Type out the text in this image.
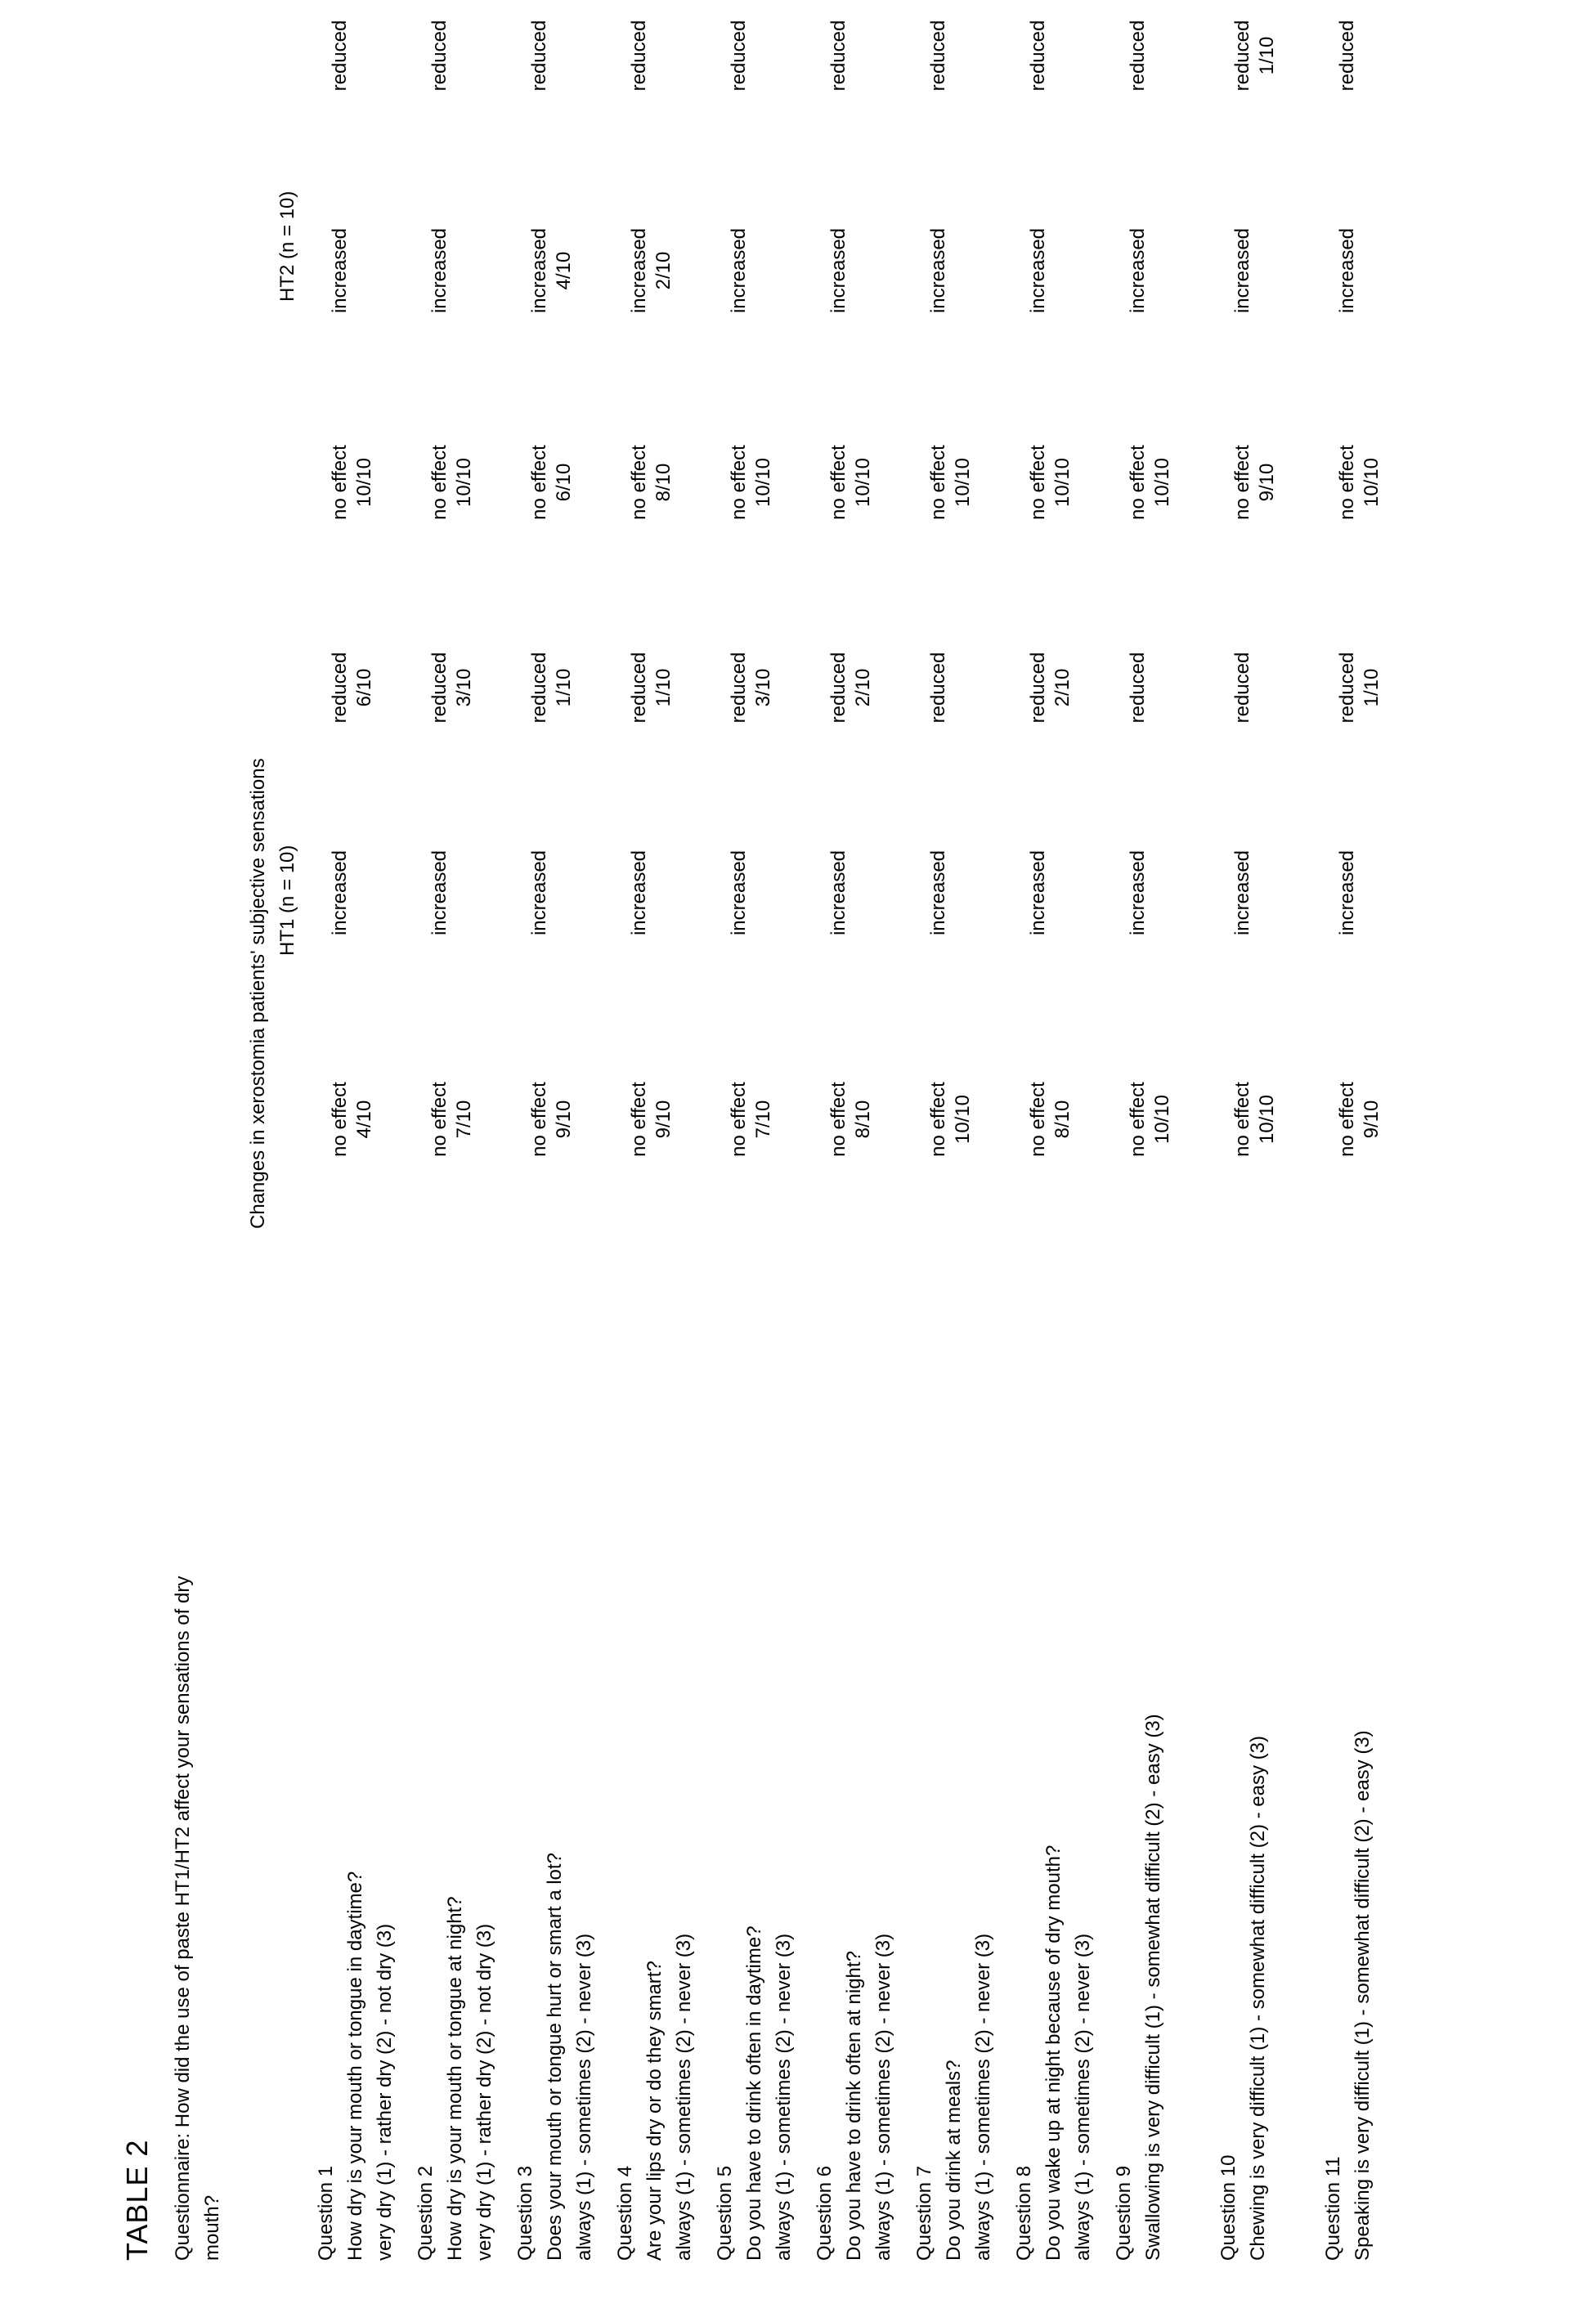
TABLE 2 Questionnaire: How did the use of paste HT1/HT2 affect your sensations of dry mouth?
Changes in xerostomia patients' subjective sensations HT1 (n = 10)
HT2 (n = 10)
Question 1 How dry is your mouth or tongue in daytime? very dry (1) - rather dry (2) - not dry (3)
no effect 4/10
increased
reduced 6/10
no effect 10/10
increased
reduced
Question 2 How dry is your mouth or tongue at night? very dry (1) - rather dry (2) - not dry (3)
no effect 7/10
increased
reduced 3/10
no effect 10/10
increased
reduced
Question 3 Does your mouth or tongue hurt or smart a lot? always (1) - sometimes (2) - never (3)
no effect 9/10
increased
reduced 1/10
no effect 6/10
increased 4/10
reduced
Question 4 Are your lips dry or do they smart? always (1) - sometimes (2) - never (3)
no effect 9/10
increased
reduced 1/10
no effect 8/10
increased 2/10
reduced
Question 5 Do you have to drink often in daytime? always (1) - sometimes (2) - never (3)
no effect 7/10
increased
reduced 3/10
no effect 10/10
increased
reduced
Question 6 Do you have to drink often at night? always (1) - sometimes (2) - never (3)
no effect 8/10
increased
reduced 2/10
no effect 10/10
increased
reduced
Question 7 Do you drink at meals? always (1) - sometimes (2) - never (3)
no effect 10/10
increased
reduced
no effect 10/10
increased
reduced
Question 8 Do you wake up at night because of dry mouth? always (1) - sometimes (2) - never (3)
no effect 8/10
increased
reduced 2/10
no effect 10/10
increased
reduced
Question 9 Swallowing is very difficult (1) - somewhat difficult (2) - easy (3)
no effect 10/10
increased
reduced
no effect 10/10
increased
reduced
Question 10 Chewing is very difficult (1) - somewhat difficult (2) - easy (3)
no effect 10/10
increased
reduced
no effect 9/10
increased
reduced 1/10
Question 11 Speaking is very difficult (1) - somewhat difficult (2) - easy (3)
no effect 9/10
increased
reduced 1/10
no effect 10/10
increased
reduced
